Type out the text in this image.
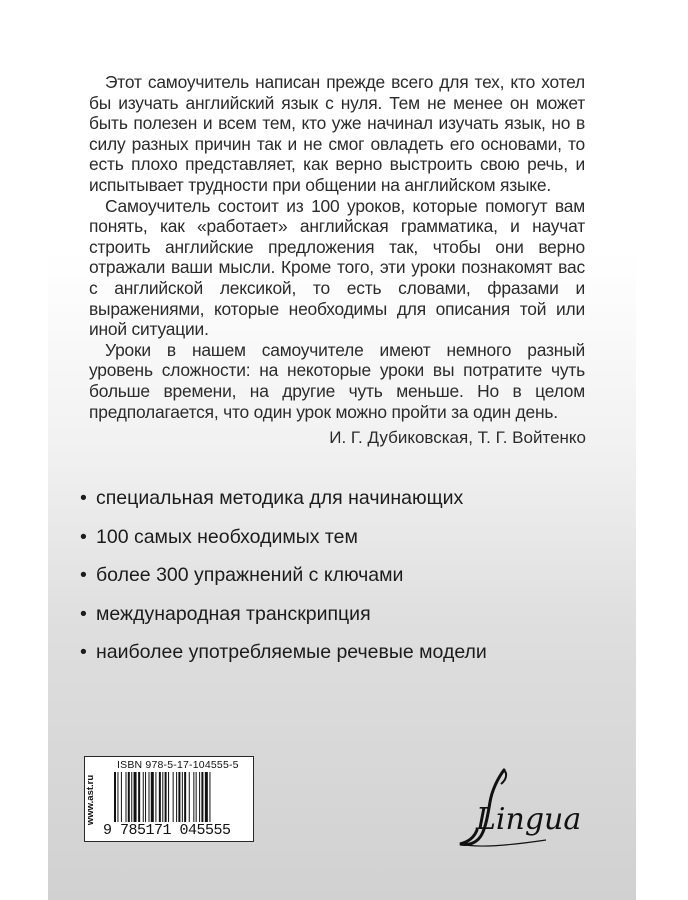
Этот самоучитель написан прежде всего для тех, кто хотел бы изучать английский язык с нуля. Тем не менее он может быть полезен и всем тем, кто уже начинал изучать язык, но в силу разных причин так и не смог овладеть его основами, то есть плохо представляет, как верно выстроить свою речь, и испытывает трудности при общении на английском языке.

Самоучитель состоит из 100 уроков, которые помогут вам понять, как «работает» английская грамматика, и научат строить английские предложения так, чтобы они верно отражали ваши мысли. Кроме того, эти уроки познакомят вас с английской лексикой, то есть словами, фразами и выражениями, которые необходимы для описания той или иной ситуации.

Уроки в нашем самоучителе имеют немного разный уровень сложности: на некоторые уроки вы потратите чуть больше времени, на другие чуть меньше. Но в целом предполагается, что один урок можно пройти за один день.

И. Г. Дубиковская, Т. Г. Войтенко
• специальная методика для начинающих
• 100 самых необходимых тем
• более 300 упражнений с ключами
• международная транскрипция
• наиболее употребляемые речевые модели
www.ast.ru
ISBN 978-5-17-104555-5
9 785171 045555	Lingua
